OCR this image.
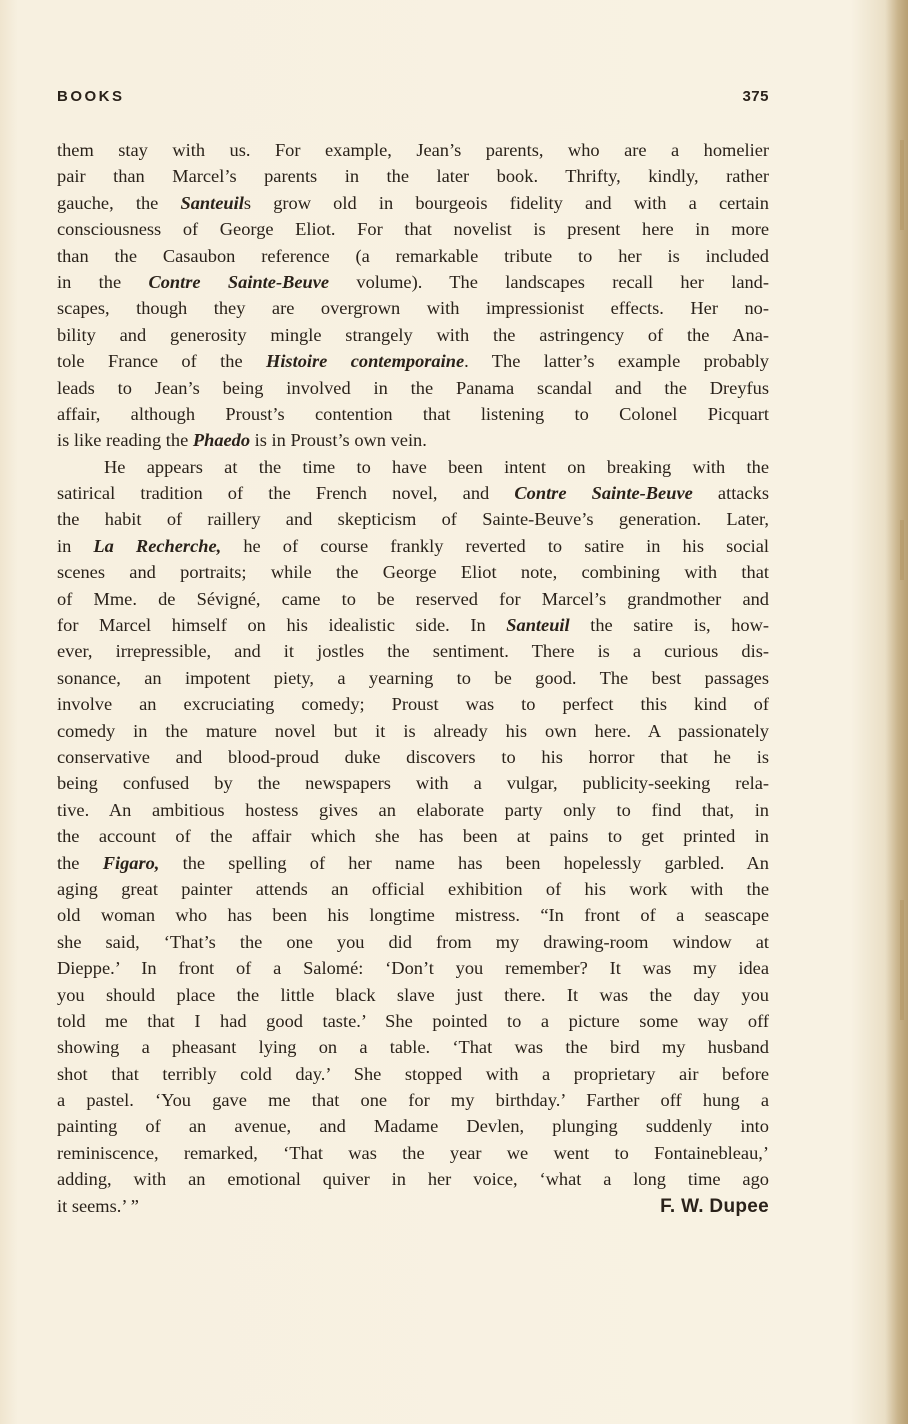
BOOKS	375
them stay with us. For example, Jean’s parents, who are a homelier
pair than Marcel’s parents in the later book. Thrifty, kindly, rather
gauche, the Santeuils grow old in bourgeois fidelity and with a certain
consciousness of George Eliot. For that novelist is present here in more
than the Casaubon reference (a remarkable tribute to her is included
in the Contre Sainte-Beuve volume). The landscapes recall her land-
scapes, though they are overgrown with impressionist effects. Her no-
bility and generosity mingle strangely with the astringency of the Ana-
tole France of the Histoire contemporaine. The latter’s example probably
leads to Jean’s being involved in the Panama scandal and the Dreyfus
affair, although Proust’s contention that listening to Colonel Picquart
is like reading the Phaedo is in Proust’s own vein.
He appears at the time to have been intent on breaking with the
satirical tradition of the French novel, and Contre Sainte-Beuve attacks
the habit of raillery and skepticism of Sainte-Beuve’s generation. Later,
in La Recherche, he of course frankly reverted to satire in his social
scenes and portraits; while the George Eliot note, combining with that
of Mme. de Sévigné, came to be reserved for Marcel’s grandmother and
for Marcel himself on his idealistic side. In Santeuil the satire is, how-
ever, irrepressible, and it jostles the sentiment. There is a curious dis-
sonance, an impotent piety, a yearning to be good. The best passages
involve an excruciating comedy; Proust was to perfect this kind of
comedy in the mature novel but it is already his own here. A passionately
conservative and blood-proud duke discovers to his horror that he is
being confused by the newspapers with a vulgar, publicity-seeking rela-
tive. An ambitious hostess gives an elaborate party only to find that, in
the account of the affair which she has been at pains to get printed in
the Figaro, the spelling of her name has been hopelessly garbled. An
aging great painter attends an official exhibition of his work with the
old woman who has been his longtime mistress. “In front of a seascape
she said, ‘That’s the one you did from my drawing-room window at
Dieppe.’ In front of a Salomé: ‘Don’t you remember? It was my idea
you should place the little black slave just there. It was the day you
told me that I had good taste.’ She pointed to a picture some way off
showing a pheasant lying on a table. ‘That was the bird my husband
shot that terribly cold day.’ She stopped with a proprietary air before
a pastel. ‘You gave me that one for my birthday.’ Farther off hung a
painting of an avenue, and Madame Devlen, plunging suddenly into
reminiscence, remarked, ‘That was the year we went to Fontainebleau,’
adding, with an emotional quiver in her voice, ‘what a long time ago
it seems.’ ”	F. W. Dupee
